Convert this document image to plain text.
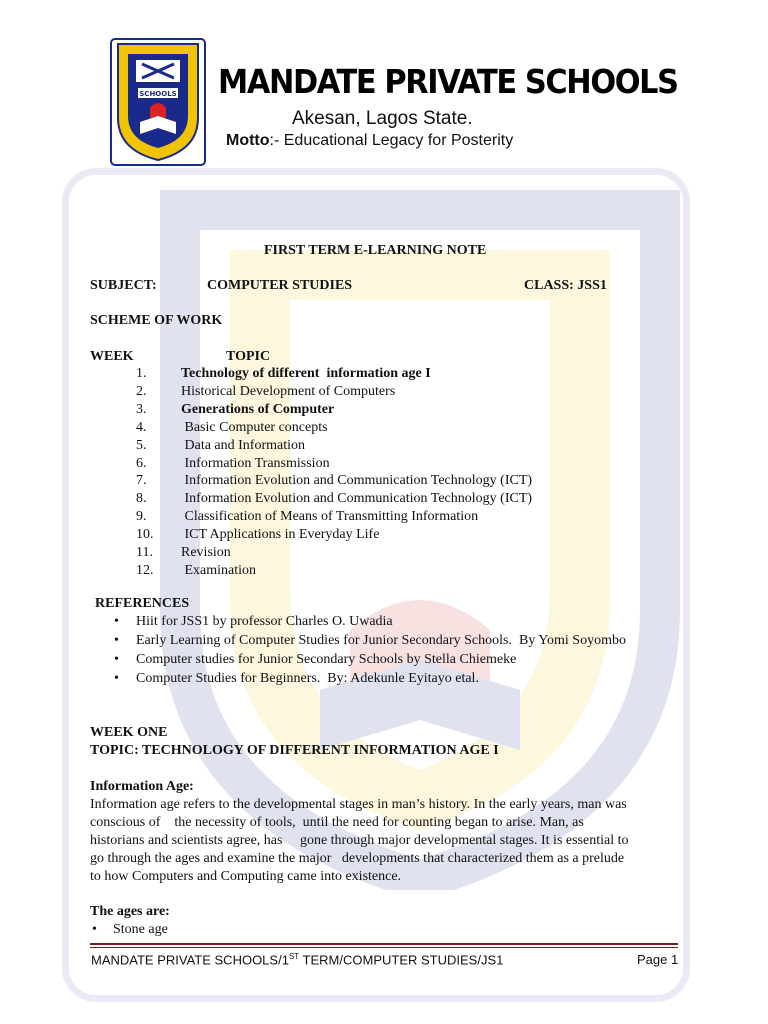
SCHOOLS MANDATE PRIVATE SCHOOLS
Akesan, Lagos State.
Motto:- Educational Legacy for Posterity
FIRST TERM E-LEARNING NOTE
SUBJECT:	COMPUTER STUDIES	CLASS: JSS1
SCHEME OF WORK
WEEK	TOPIC
1. Technology of different  information age I
2. Historical Development of Computers
3. Generations of Computer
4. Basic Computer concepts
5. Data and Information
6. Information Transmission
7. Information Evolution and Communication Technology (ICT)
8. Information Evolution and Communication Technology (ICT)
9. Classification of Means of Transmitting Information
10. ICT Applications in Everyday Life
11. Revision
12. Examination
REFERENCES
• Hiit for JSS1 by professor Charles O. Uwadia
• Early Learning of Computer Studies for Junior Secondary Schools.  By Yomi Soyombo
• Computer studies for Junior Secondary Schools by Stella Chiemeke
• Computer Studies for Beginners.  By: Adekunle Eyitayo etal.
WEEK ONE
TOPIC: TECHNOLOGY OF DIFFERENT INFORMATION AGE I
Information Age:
Information age refers to the developmental stages in man’s history. In the early years, man was
conscious of    the necessity of tools,  until the need for counting began to arise. Man, as
historians and scientists agree, has     gone through major developmental stages. It is essential to
go through the ages and examine the major   developments that characterized them as a prelude
to how Computers and Computing came into existence.
The ages are:
• Stone age
MANDATE PRIVATE SCHOOLS/1ST TERM/COMPUTER STUDIES/JS1	Page 1
